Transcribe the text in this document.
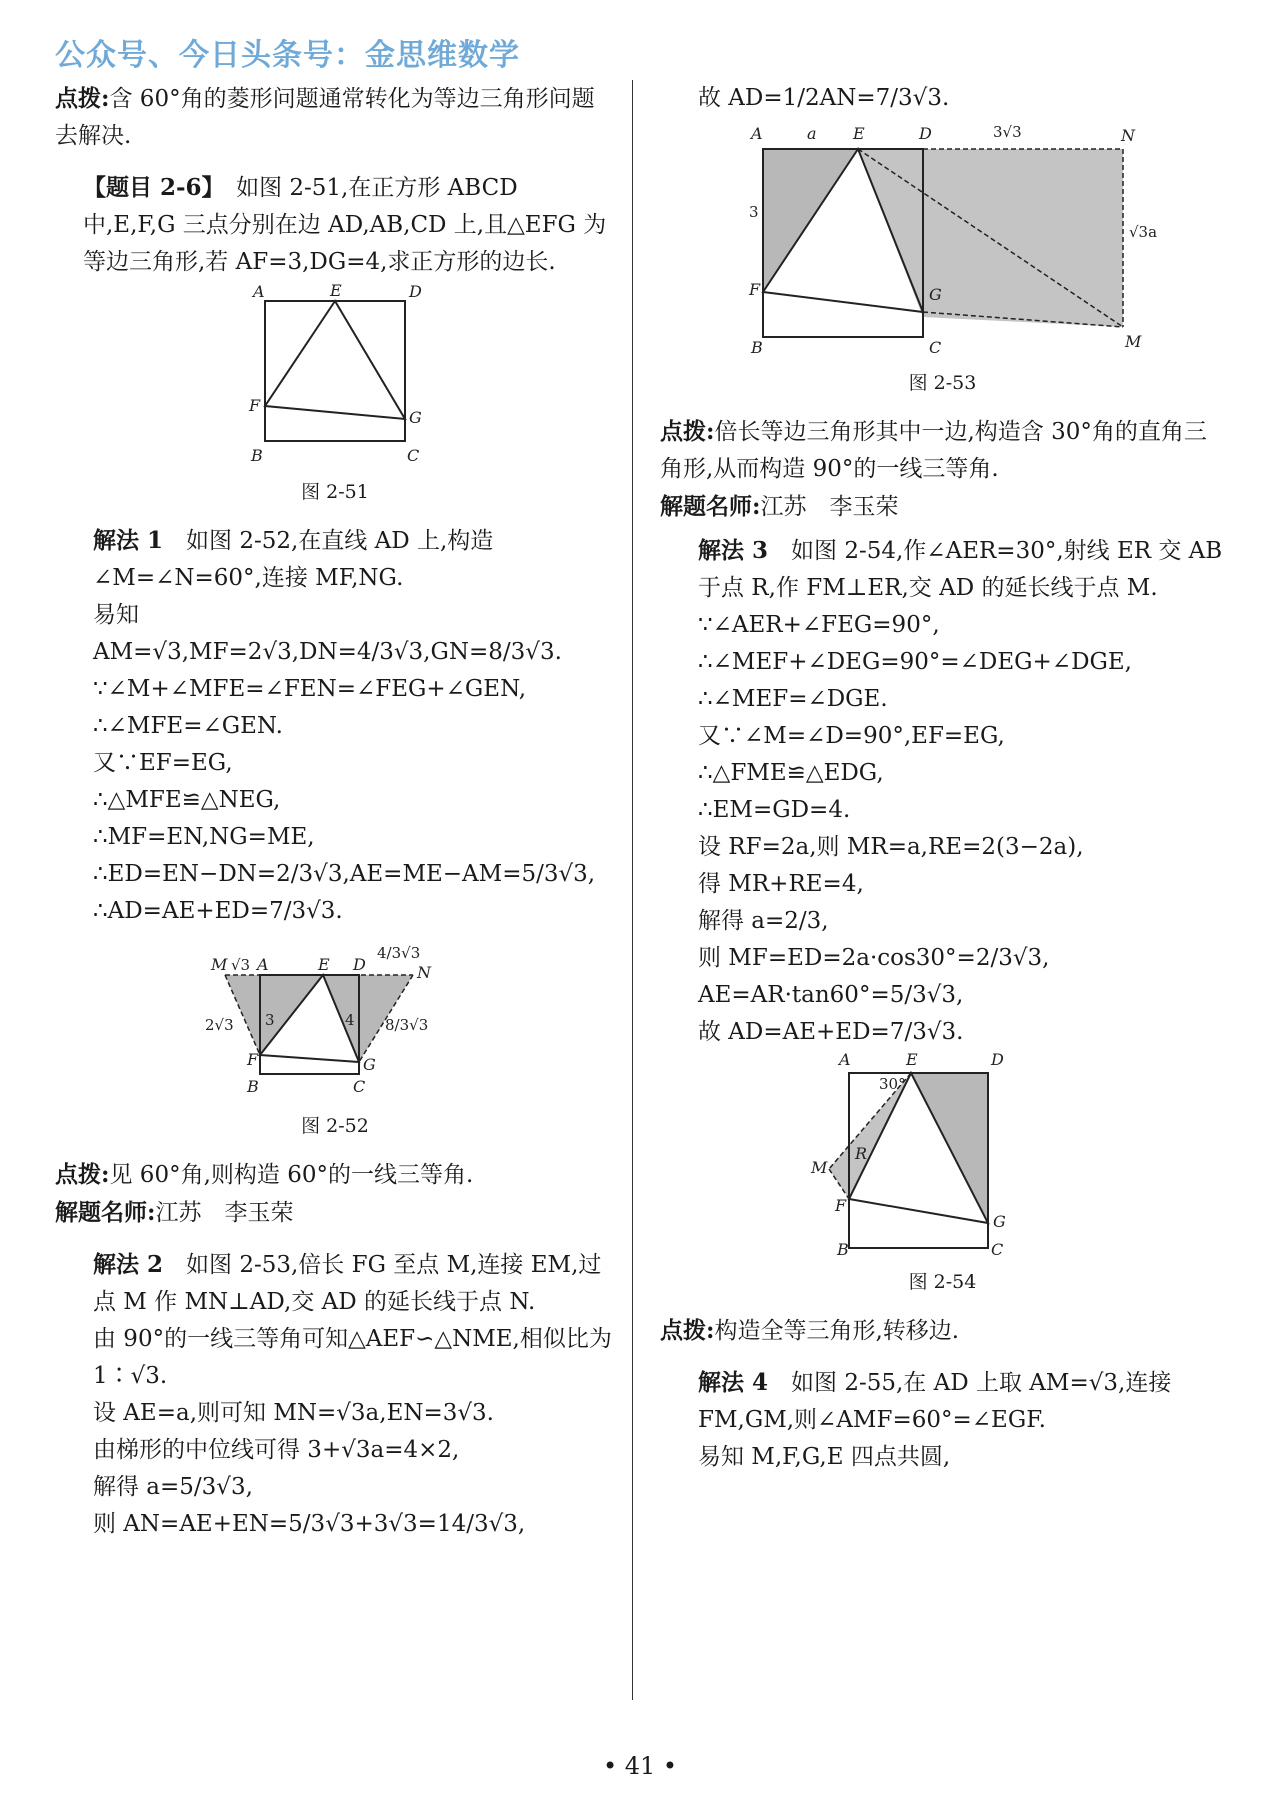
公众号、今日头条号：金思维数学

点拨:含 60°角的菱形问题通常转化为等边三角形问题去解决.

【题目 2-6】　 如图 2-51,在正方形 ABCD 中,E,F,G 三点分别在边 AD,AB,CD 上,且△EFG 为等边三角形,若 AF=3,DG=4,求正方形的边长.

A	E	D
F
G
B	C
图 2-51

解法 1　 如图 2-52,在直线 AD 上,构造∠M=∠N=60°,连接 MF,NG.

易知 AM=√3,MF=2√3,DN=4/3√3,GN=8/3√3.

∵∠M+∠MFE=∠FEN=∠FEG+∠GEN,

∴∠MFE=∠GEN.

又∵EF=EG,

∴△MFE≌△NEG,

∴MF=EN,NG=ME,

∴ED=EN−DN=2/3√3,AE=ME−AM=5/3√3,

∴AD=AE+ED=7/3√3.

M √3 A	E D
4/3√3
N
2√3 3	4 8/3√3
F	G
B	C
图 2-52

点拨:见 60°角,则构造 60°的一线三等角.

解题名师:江苏　李玉荣

解法 2　 如图 2-53,倍长 FG 至点 M,连接 EM,过点 M 作 MN⊥AD,交 AD 的延长线于点 N.

由 90°的一线三等角可知△AEF∽△NME,相似比为 1∶√3.

设 AE=a,则可知 MN=√3a,EN=3√3.

由梯形的中位线可得 3+√3a=4×2,

解得 a=5/3√3,

则 AN=AE+EN=5/3√3+3√3=14/3√3,

故 AD=1/2AN=7/3√3.

A	a E	D	3√3	N
3
√3a
F	G
B	C	M
图 2-53

点拨:倍长等边三角形其中一边,构造含 30°角的直角三角形,从而构造 90°的一线三等角.

解题名师:江苏　李玉荣

解法 3　 如图 2-54,作∠AER=30°,射线 ER 交 AB 于点 R,作 FM⊥ER,交 AD 的延长线于点 M.

∵∠AER+∠FEG=90°,

∴∠MEF+∠DEG=90°=∠DEG+∠DGE,

∴∠MEF=∠DGE.

又∵∠M=∠D=90°,EF=EG,

∴△FME≌△EDG,

∴EM=GD=4.

设 RF=2a,则 MR=a,RE=2(3−2a),

得 MR+RE=4,

解得 a=2/3,

则 MF=ED=2a·cos30°=2/3√3,

AE=AR·tan60°=5/3√3,

故 AD=AE+ED=7/3√3.

A
30°
E	D
M
R
F
G
B	C
图 2-54

点拨:构造全等三角形,转移边.

解法 4　 如图 2-55,在 AD 上取 AM=√3,连接 FM,GM,则∠AMF=60°=∠EGF.

易知 M,F,G,E 四点共圆,

• 41 •
